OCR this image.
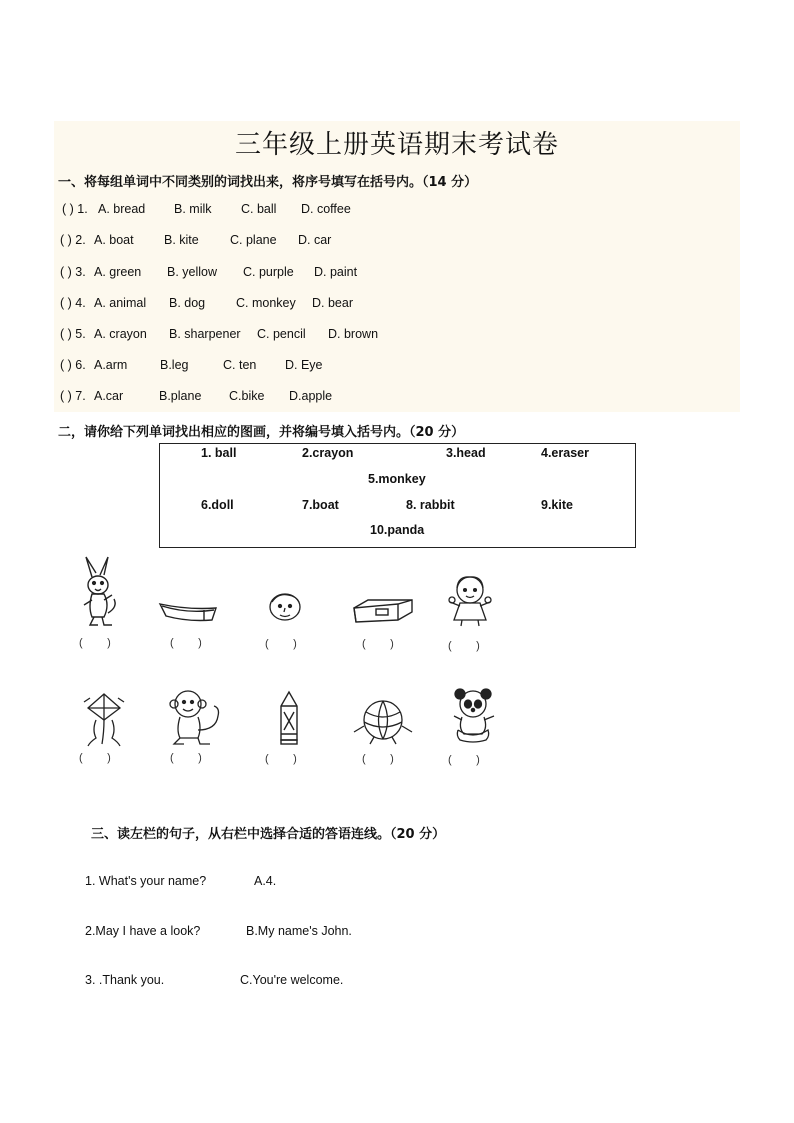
三年级上册英语期末考试卷
一、将每组单词中不同类别的词找出来，将序号填写在括号内。（14 分）
( ) 1. A. bread B. milk C. ball D. coffee
( ) 2. A. boat B. kite	C. plane D. car
( ) 3. A. green B. yellow C. purple D. paint
( ) 4. A. animal B. dog C. monkey D. bear
( ) 5. A. crayon B. sharpener C. pencil D. brown
( ) 6. A.arm	B.leg	C. ten D. Eye
( ) 7. A.car	B.plane C.bike D.apple
二，请你给下列单词找出相应的图画，并将编号填入括号内。（20 分）
1. ball	2.crayon	3.head	4.eraser
5.monkey
6.doll	7.boat	8. rabbit	9.kite
10.panda
(        )	(        )	(        )	(        )	(        )
(        )	(        )	(        )	(        )	(        )
三、读左栏的句子，从右栏中选择合适的答语连线。（20 分）
1. What's your name?	A.4.
2.May I have a look?	B.My name's John.
3. .Thank you.	C.You're welcome.
